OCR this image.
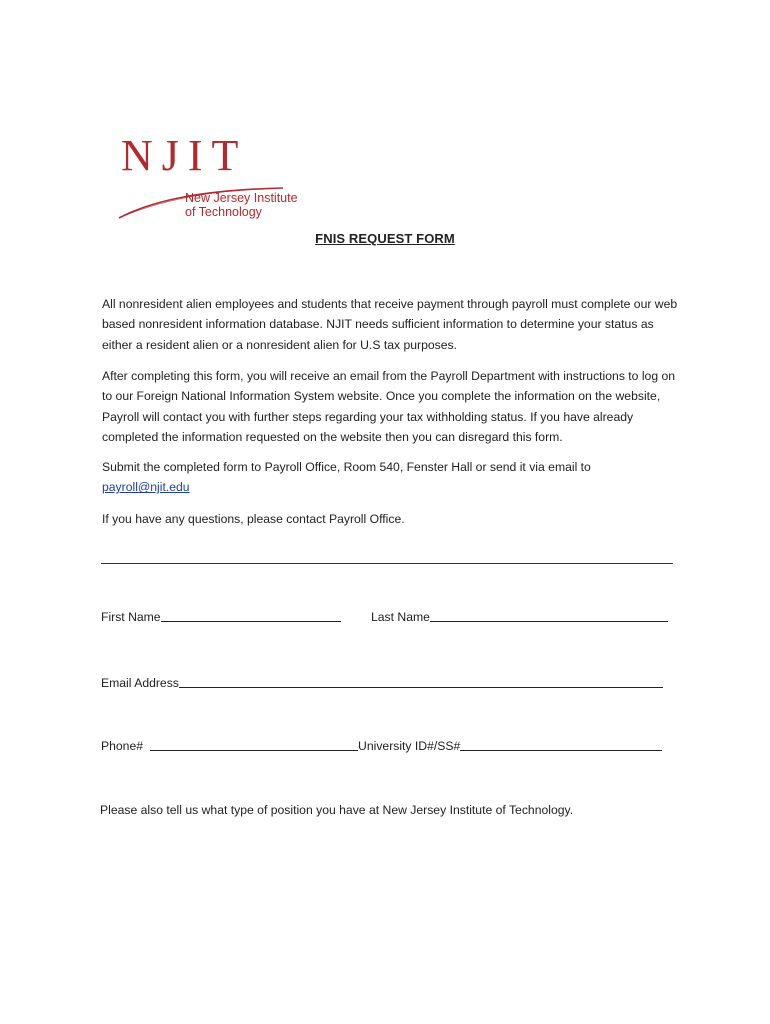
NJIT
New Jersey Institute
of Technology
FNIS REQUEST FORM

All nonresident alien employees and students that receive payment through payroll must complete our web based nonresident information database. NJIT needs sufficient information to determine your status as either a resident alien or a nonresident alien for U.S tax purposes.

After completing this form, you will receive an email from the Payroll Department with instructions to log on to our Foreign National Information System website. Once you complete the information on the website, Payroll will contact you with further steps regarding your tax withholding status. If you have already completed the information requested on the website then you can disregard this form.

Submit the completed form to Payroll Office, Room 540, Fenster Hall or send it via email to
payroll@njit.edu

If you have any questions, please contact Payroll Office.

First Name	Last Name
Email Address
Phone#	University ID#/SS#

Please also tell us what type of position you have at New Jersey Institute of Technology.
